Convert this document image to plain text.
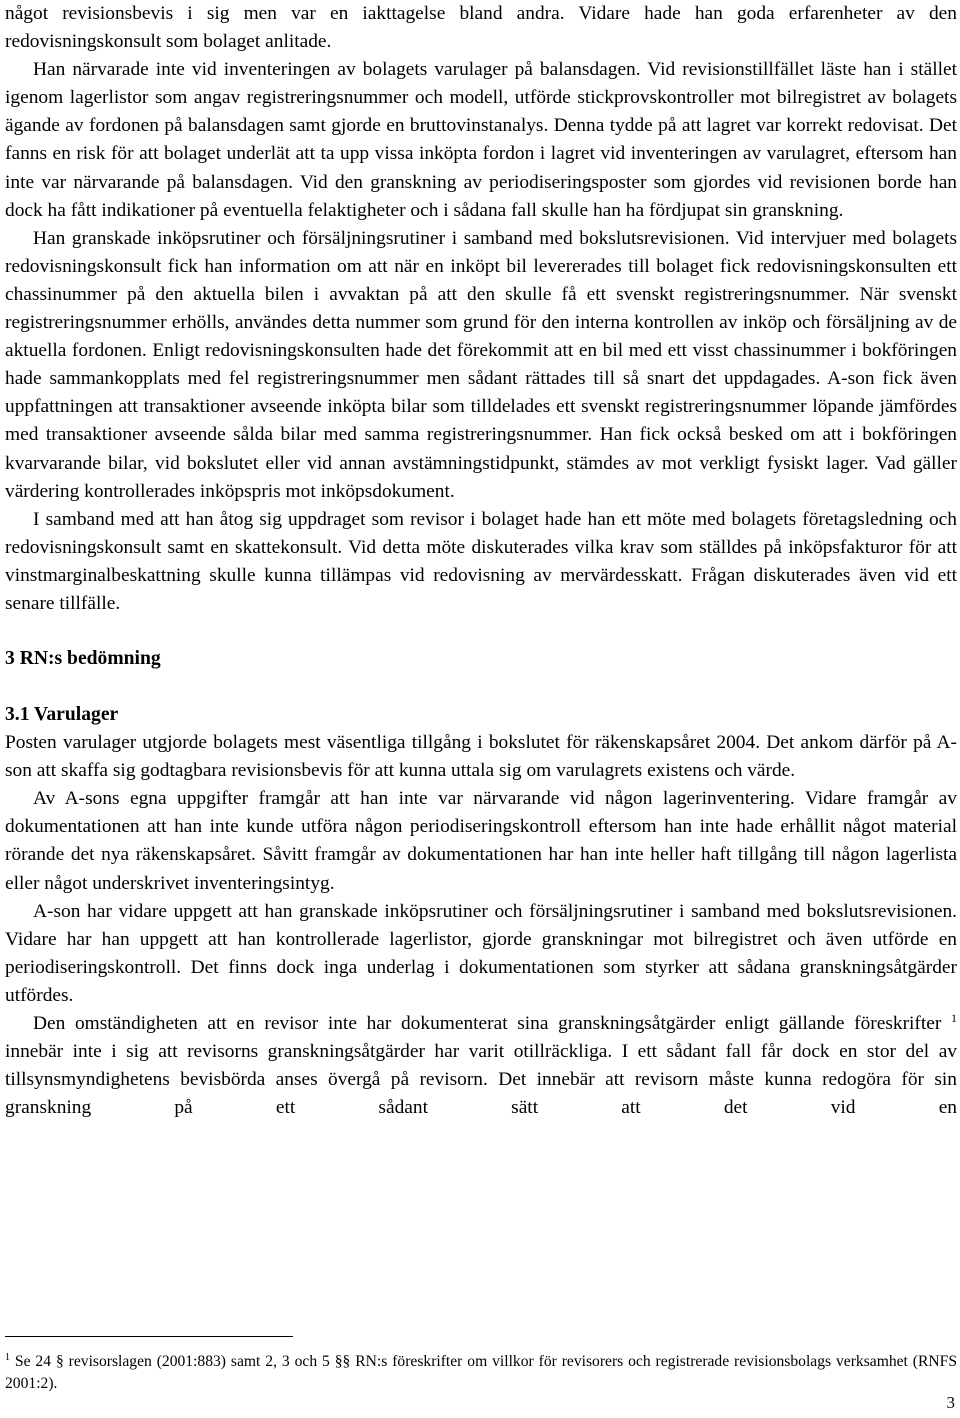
något revisionsbevis i sig men var en iakttagelse bland andra. Vidare hade han goda erfarenheter av den redovisningskonsult som bolaget anlitade.

Han närvarade inte vid inventeringen av bolagets varulager på balansdagen. Vid revisionstillfället läste han i stället igenom lagerlistor som angav registreringsnummer och modell, utförde stickprovskontroller mot bilregistret av bolagets ägande av fordonen på balansdagen samt gjorde en bruttovinstanalys. Denna tydde på att lagret var korrekt redovisat. Det fanns en risk för att bolaget underlät att ta upp vissa inköpta fordon i lagret vid inventeringen av varulagret, eftersom han inte var närvarande på balansdagen. Vid den granskning av periodiseringsposter som gjordes vid revisionen borde han dock ha fått indikationer på eventuella felaktigheter och i sådana fall skulle han ha fördjupat sin granskning.

Han granskade inköpsrutiner och försäljningsrutiner i samband med bokslutsrevisionen. Vid intervjuer med bolagets redovisningskonsult fick han information om att när en inköpt bil levererades till bolaget fick redovisningskonsulten ett chassinummer på den aktuella bilen i avvaktan på att den skulle få ett svenskt registreringsnummer. När svenskt registreringsnummer erhölls, användes detta nummer som grund för den interna kontrollen av inköp och försäljning av de aktuella fordonen. Enligt redovisningskonsulten hade det förekommit att en bil med ett visst chassinummer i bokföringen hade sammankopplats med fel registreringsnummer men sådant rättades till så snart det uppdagades. A-son fick även uppfattningen att transaktioner avseende inköpta bilar som tilldelades ett svenskt registreringsnummer löpande jämfördes med transaktioner avseende sålda bilar med samma registreringsnummer. Han fick också besked om att i bokföringen kvarvarande bilar, vid bokslutet eller vid annan avstämningstidpunkt, stämdes av mot verkligt fysiskt lager. Vad gäller värdering kontrollerades inköpspris mot inköpsdokument.

I samband med att han åtog sig uppdraget som revisor i bolaget hade han ett möte med bolagets företagsledning och redovisningskonsult samt en skattekonsult. Vid detta möte diskuterades vilka krav som ställdes på inköpsfakturor för att vinstmarginalbeskattning skulle kunna tillämpas vid redovisning av mervärdesskatt. Frågan diskuterades även vid ett senare tillfälle.

3 RN:s bedömning
3.1 Varulager

Posten varulager utgjorde bolagets mest väsentliga tillgång i bokslutet för räkenskapsåret 2004. Det ankom därför på A-son att skaffa sig godtagbara revisionsbevis för att kunna uttala sig om varulagrets existens och värde.

Av A-sons egna uppgifter framgår att han inte var närvarande vid någon lagerinventering. Vidare framgår av dokumentationen att han inte kunde utföra någon periodiseringskontroll eftersom han inte hade erhållit något material rörande det nya räkenskapsåret. Såvitt framgår av dokumentationen har han inte heller haft tillgång till någon lagerlista eller något underskrivet inventeringsintyg.

A-son har vidare uppgett att han granskade inköpsrutiner och försäljningsrutiner i samband med bokslutsrevisionen. Vidare har han uppgett att han kontrollerade lagerlistor, gjorde granskningar mot bilregistret och även utförde en periodiseringskontroll. Det finns dock inga underlag i dokumentationen som styrker att sådana granskningsåtgärder utfördes.

Den omständigheten att en revisor inte har dokumenterat sina granskningsåtgärder enligt gällande föreskrifter $^1$ innebär inte i sig att revisorns granskningsåtgärder har varit otillräckliga. I ett sådant fall får dock en stor del av tillsynsmyndighetens bevisbörda anses övergå på revisorn. Det innebär att revisorn måste kunna redogöra för sin granskning på ett sådant sätt att det vid en

$^1$ Se 24 § revisorslagen (2001:883) samt 2, 3 och 5 §§ RN:s föreskrifter om villkor för revisorers och registrerade revisionsbolags verksamhet (RNFS 2001:2).

3
